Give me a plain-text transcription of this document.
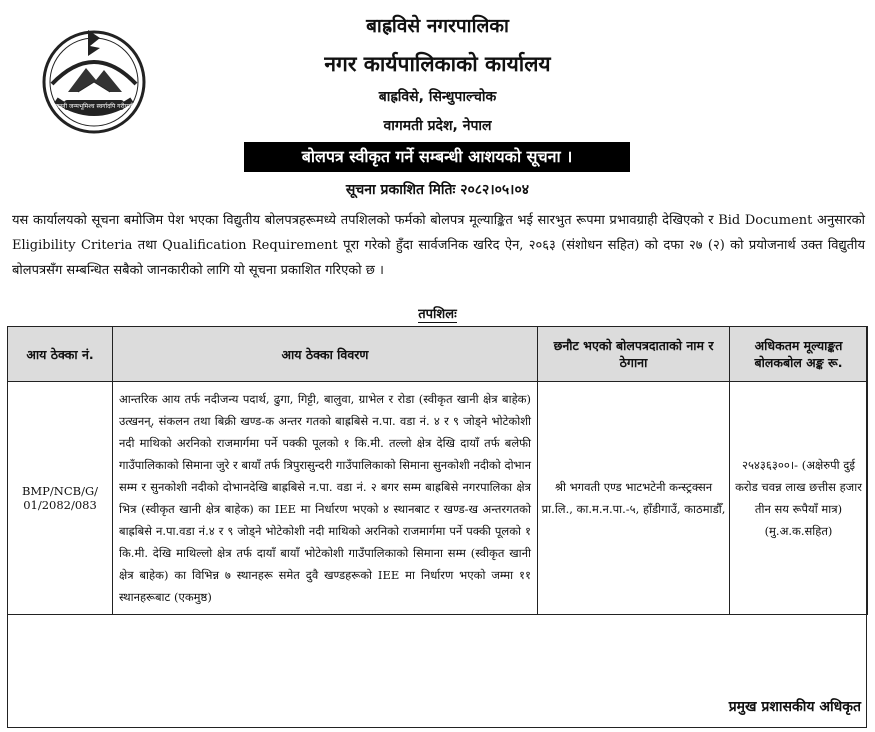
जननी जन्मभूमिश्च स्वर्गादपि गरीयसी
बाह्रविसे नगरपालिका
नगर कार्यपालिकाको कार्यालय
बाह्रविसे, सिन्धुपाल्चोक
वागमती प्रदेश, नेपाल
बोलपत्र स्वीकृत गर्ने सम्बन्धी आशयको सूचना ।
सूचना प्रकाशित मितिः २०८२।०५।०४
यस कार्यालयको सूचना बमोजिम पेश भएका विद्युतीय बोलपत्रहरूमध्ये तपशिलको फर्मको बोलपत्र मूल्याङ्कित भई सारभुत रूपमा प्रभावग्राही देखिएको र Bid Document अनुसारको Eligibility Criteria तथा Qualification Requirement पूरा गरेको हुँदा सार्वजनिक खरिद ऐन, २०६३ (संशोधन सहित) को दफा २७ (२) को प्रयोजनार्थ उक्त विद्युतीय बोलपत्रसँग सम्बन्धित सबैको जानकारीको लागि यो सूचना प्रकाशित गरिएको छ ।
तपशिलः
आय ठेक्का नं.	आय ठेक्का विवरण	छनौट भएको बोलपत्रदाताको नाम र ठेगाना	अधिकतम मूल्याङ्कत बोलकबोल अङ्क रू.
BMP/NCB/G/ 01/2082/083	आन्तरिक आय तर्फ नदीजन्य पदार्थ, ढुगा, गिट्टी, बालुवा, ग्राभेल र रोडा (स्वीकृत खानी क्षेत्र बाहेक) उत्खनन्, संकलन तथा बिक्री खण्ड-क अन्तर गतको बाह्रबिसे न.पा. वडा नं. ४ र ९ जोड्ने भोटेकोशी नदी माथिको अरनिको राजमार्गमा पर्ने पक्की पूलको १ कि.मी. तल्लो क्षेत्र देखि दायाँ तर्फ बलेफी गाउँपालिकाको सिमाना जुरे र बायाँ तर्फ त्रिपुरासुन्दरी गाउँपालिकाको सिमाना सुनकोशी नदीको दोभान सम्म र सुनकोशी नदीको दोभानदेखि बाह्रबिसे न.पा. वडा नं. २ बगर सम्म बाह्रबिसे नगरपालिका क्षेत्र भित्र (स्वीकृत खानी क्षेत्र बाहेक) का IEE मा निर्धारण भएको ४ स्थानबाट र खण्ड-ख अन्तरगतको बाह्रबिसे न.पा.वडा नं.४ र ९ जोड्ने भोटेकोशी नदी माथिको अरनिको राजमार्गमा पर्ने पक्की पूलको १ कि.मी. देखि माथिल्लो क्षेत्र तर्फ दायाँ बायाँ भोटेकोशी गाउँपालिकाको सिमाना सम्म (स्वीकृत खानी क्षेत्र बाहेक) का विभिन्न ७ स्थानहरू समेत दुवै खण्डहरूको IEE मा निर्धारण भएको जम्मा ११ स्थानहरूबाट (एकमुष्ठ)	श्री भगवती एण्ड भाटभटेनी कन्स्ट्रक्सन प्रा.लि., का.म.न.पा.-५, हाँडीगाउँ, काठमाडौँ,	२५४३६३००।- (अक्षेरुपी दुई करोड चवन्न लाख छत्तीस हजार तीन सय रूपैयाँ मात्र) (मु.अ.क.सहित)
प्रमुख प्रशासकीय अधिकृत
